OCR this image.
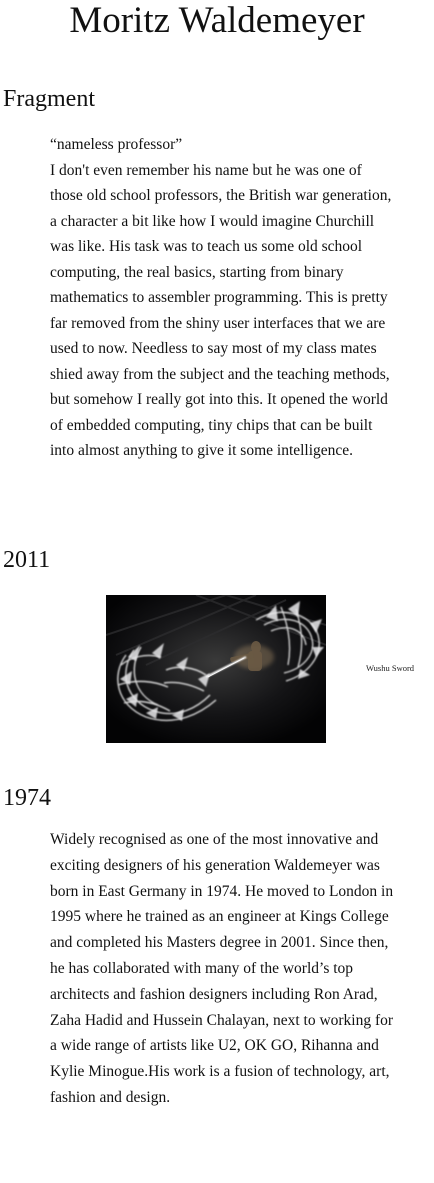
Moritz Waldemeyer
Fragment

“nameless professor”

I don't even remember his name but he was one of those old school professors, the British war generation, a character a bit like how I would imagine Churchill was like. His task was to teach us some old school computing, the real basics, starting from binary mathematics to assembler programming. This is pretty far removed from the shiny user interfaces that we are used to now. Needless to say most of my class mates shied away from the subject and the teaching methods, but somehow I really got into this. It opened the world of embedded computing, tiny chips that can be built into almost anything to give it some intelligence.

2011
Wushu Sword
1974

Widely recognised as one of the most innovative and exciting designers of his generation Waldemeyer was born in East Germany in 1974. He moved to London in 1995 where he trained as an engineer at Kings College and completed his Masters degree in 2001. Since then, he has collaborated with many of the world’s top architects and fashion designers including Ron Arad, Zaha Hadid and Hussein Chalayan, next to working for a wide range of artists like U2, OK GO, Rihanna and Kylie Minogue.His work is a fusion of technology, art, fashion and design.
